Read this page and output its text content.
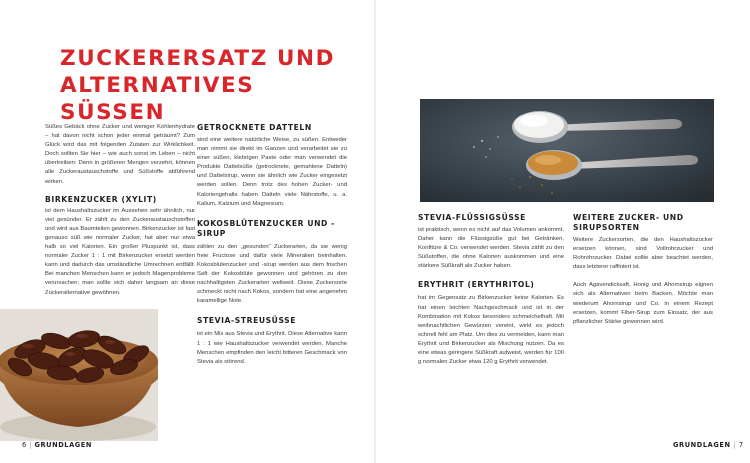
ZUCKERERSATZ UND
ALTERNATIVES SÜSSEN

Süßes Gebäck ohne Zucker und weniger Kohlenhydrate – hat davon nicht schon jeder einmal geträumt? Zum Glück wird das mit folgenden Zutaten zur Wirklichkeit. Doch sollten Sie hier – wie auch sonst im Leben – nicht übertreiben: Denn in größeren Mengen verzehrt, können alle Zuckeraustauschstoffe und Süßstoffe abführend wirken.

BIRKENZUCKER (XYLIT)

ist dem Haushaltszucker im Aussehen sehr ähnlich, nur viel gesünder. Er zählt zu den Zuckeraustauschstoffen und wird aus Baumteilen gewonnen. Birkenzucker ist fast genauso süß wie normaler Zucker, hat aber nur etwa halb so viel Kalorien. Ein großer Pluspunkt ist, dass normaler Zucker 1 : 1 mit Birkenzucker ersetzt werden kann und dadurch das umständliche Umrechnen entfällt. Bei manchen Menschen kann er jedoch Magenprobleme verursachen; man sollte sich daher langsam an diese Zuckeralternative gewöhnen.

GETROCKNETE DATTELN

sind eine weitere natürliche Weise, zu süßen. Entweder man nimmt sie direkt im Ganzen und verarbeitet sie zu einer süßen, klebrigen Paste oder man verwendet die Produkte Dattelsüße (getrocknete, gemahlene Datteln) und Dattelsirup, wenn sie ähnlich wie Zucker eingesetzt werden sollen. Denn trotz des hohen Zucker- und Kaloriengehalts haben Datteln viele Nährstoffe, u. a. Kalium, Kalzium und Magnesium.

KOKOSBLÜTENZUCKER UND -SIRUP

zählen zu den „gesunden“ Zuckerarten, da sie wenig freie Fructose und dafür viele Mineralien beinhalten. Kokosblütenzucker und -sirup werden aus dem frischen Saft der Kokosblüte gewonnen und gehören zu den nachhaltigsten Zuckerarten weltweit. Diese Zuckersorte schmeckt nicht nach Kokos, sondern hat eine angenehm karamellige Note.

STEVIA-STREUSÜSSE

ist ein Mix aus Stevia und Erythrit. Diese Alternative kann 1 : 1 wie Haushaltszucker verwendet werden. Manche Menschen empfinden den leicht bitteren Geschmack von Stevia als störend.

6 | GRUNDLAGEN
STEVIA-FLÜSSIGSÜSSE

ist praktisch, wenn es nicht auf das Volumen ankommt. Daher kann die Flüssigsüße gut bei Getränken, Konfitüre & Co. verwendet werden. Stevia zählt zu den Süßstoffen, die ohne Kalorien auskommen und eine stärkere Süßkraft als Zucker haben.

ERYTHRIT (ERYTHRITOL)

hat im Gegensatz zu Birkenzucker keine Kalorien. Es hat einen leichten Nachgeschmack und ist in der Kombination mit Kokos besonders schmeichelhaft. Mit weihnachtlichen Gewürzen vereint, wirkt es jedoch schnell fehl am Platz. Um dies zu vermeiden, kann man Erythrit und Birkenzucker als Mischung nutzen. Da es eine etwas geringere Süßkraft aufweist, werden für 100 g normalen Zucker etwa 120 g Erythrit verwendet.

WEITERE ZUCKER- UND SIRUPSORTEN

Weitere Zuckersorten, die den Haushaltszucker ersetzen können, sind Vollrohrzucker und Rohrohrzucker. Dabei sollte aber beachtet werden, dass letzterer raffiniert ist.

Auch Agavendicksaft, Honig und Ahornsirup eignen sich als Alternativen beim Backen. Möchte man wiederum Ahornsirup und Co. in einem Rezept ersetzen, kommt Fiber-Sirup zum Einsatz, der aus pflanzlicher Stärke gewonnen wird.

GRUNDLAGEN | 7
